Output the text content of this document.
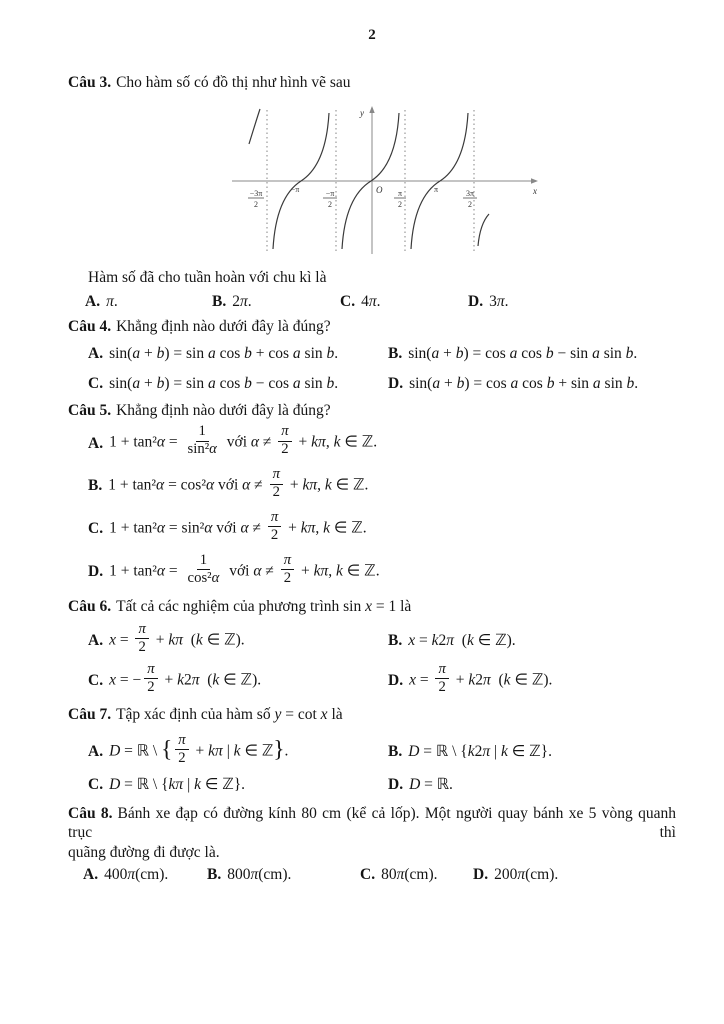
2

Câu 3. Cho hàm số có đồ thị như hình vẽ sau

y
x
O
−3π
2
−π	−π
2
π
2
π	3π
2

Hàm số đã cho tuần hoàn với chu kì là

A. π.	B. 2π.	C. 4π.	D. 3π.

Câu 4. Khẳng định nào dưới đây là đúng?

A. sin(a + b) = sin a cos b + cos a sin b.	B. sin(a + b) = cos a cos b − sin a sin b.
C. sin(a + b) = sin a cos b − cos a sin b.	D. sin(a + b) = cos a cos b + sin a sin b.

Câu 5. Khẳng định nào dưới đây là đúng?

A. $1 + \tan^2\alpha = \frac{1}{\text{sin²α}}$ với $\alpha \ne \frac{\pi}{2} + k\pi$, k ∈ ℤ.
B. 1 + tan²α = cos²α với $\alpha \ne \frac{\pi}{2} + k\pi$, k ∈ ℤ.
C. 1 + tan²α = sin²α với $\alpha \ne \frac{\pi}{2} + k\pi$, k ∈ ℤ.
D. $1 + \tan^2\alpha = \frac{1}{\text{cos²α}}$ với $\alpha \ne \frac{\pi}{2} + k\pi$, k ∈ ℤ.

Câu 6. Tất cả các nghiệm của phương trình sin x = 1 là

A. $x = \frac{\pi}{2} + k\pi$ (k ∈ ℤ).	B. x = k2π (k ∈ ℤ).
C. x = − $\frac{\pi}{2} + k2\pi$ (k ∈ ℤ).	D. $x = \frac{\pi}{2} + k2\pi$ (k ∈ ℤ).

Câu 7. Tập xác định của hàm số y = cot x là

A. D = ℝ \ { $\frac{\pi}{2} + k\pi$ | k ∈ ℤ}.	B. D = ℝ \ {k2π | k ∈ ℤ}.
C. D = ℝ \ {kπ | k ∈ ℤ}.	D. D = ℝ.

Câu 8. Bánh xe đạp có đường kính 80 cm (kể cả lốp). Một người quay bánh xe 5 vòng quanh trục thì

quãng đường đi được là.
A. 400π(cm).	B. 800π(cm).	C. 80π(cm). D. 200π(cm).
